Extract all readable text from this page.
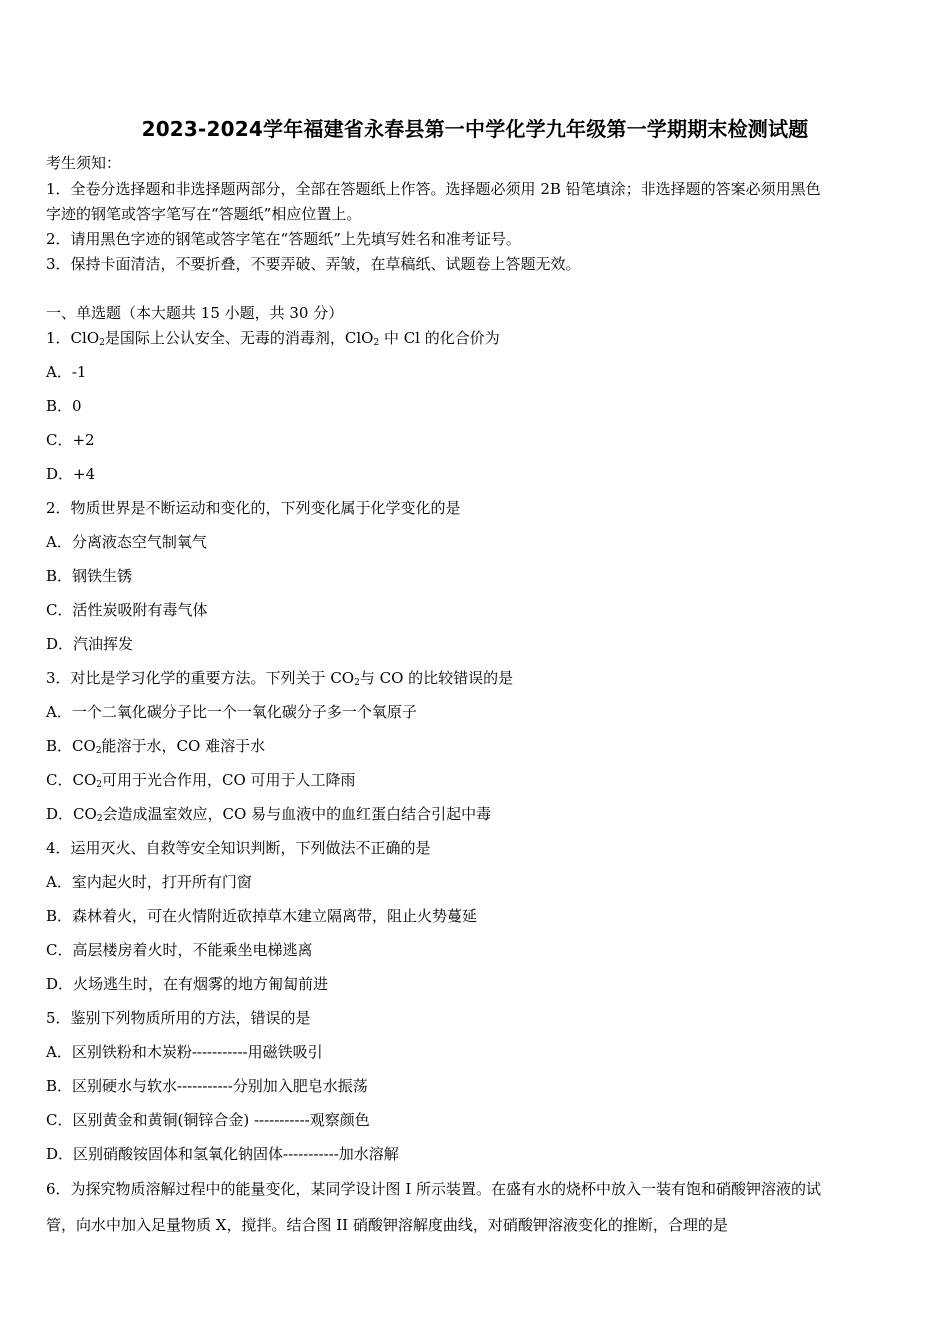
2023-2024学年福建省永春县第一中学化学九年级第一学期期末检测试题
考生须知：
1．全卷分选择题和非选择题两部分，全部在答题纸上作答。选择题必须用 2B 铅笔填涂；非选择题的答案必须用黑色
字迹的钢笔或答字笔写在“答题纸”相应位置上。
2．请用黑色字迹的钢笔或答字笔在“答题纸”上先填写姓名和准考证号。
3．保持卡面清洁，不要折叠，不要弄破、弄皱，在草稿纸、试题卷上答题无效。
一、单选题（本大题共 15 小题，共 30 分）
1．ClO$_2$是国际上公认安全、无毒的消毒剂，ClO$_2$ 中 Cl 的化合价为
A．-1
B．0
C．+2
D．+4
2．物质世界是不断运动和变化的，下列变化属于化学变化的是
A．分离液态空气制氧气
B．钢铁生锈
C．活性炭吸附有毒气体
D．汽油挥发
3．对比是学习化学的重要方法。下列关于 $CO_2$与 CO 的比较错误的是
A．一个二氧化碳分子比一个一氧化碳分子多一个氧原子
B．$CO_2$能溶于水，CO 难溶于水
C．$CO_2$可用于光合作用，CO 可用于人工降雨
D．$CO_2$会造成温室效应，CO 易与血液中的血红蛋白结合引起中毒
4．运用灭火、自救等安全知识判断，下列做法不正确的是
A．室内起火时，打开所有门窗
B．森林着火，可在火情附近砍掉草木建立隔离带，阻止火势蔓延
C．高层楼房着火时，不能乘坐电梯逃离
D．火场逃生时，在有烟雾的地方匍匐前进
5．鉴别下列物质所用的方法，错误的是
A．区别铁粉和木炭粉-----------用磁铁吸引
B．区别硬水与软水-----------分别加入肥皂水振荡
C．区别黄金和黄铜(铜锌合金) -----------观察颜色
D．区别硝酸铵固体和氢氧化钠固体-----------加水溶解
6．为探究物质溶解过程中的能量变化，某同学设计图 I 所示装置。在盛有水的烧杯中放入一装有饱和硝酸钾溶液的试
管，向水中加入足量物质 X，搅拌。结合图 II 硝酸钾溶解度曲线，对硝酸钾溶液变化的推断，合理的是
